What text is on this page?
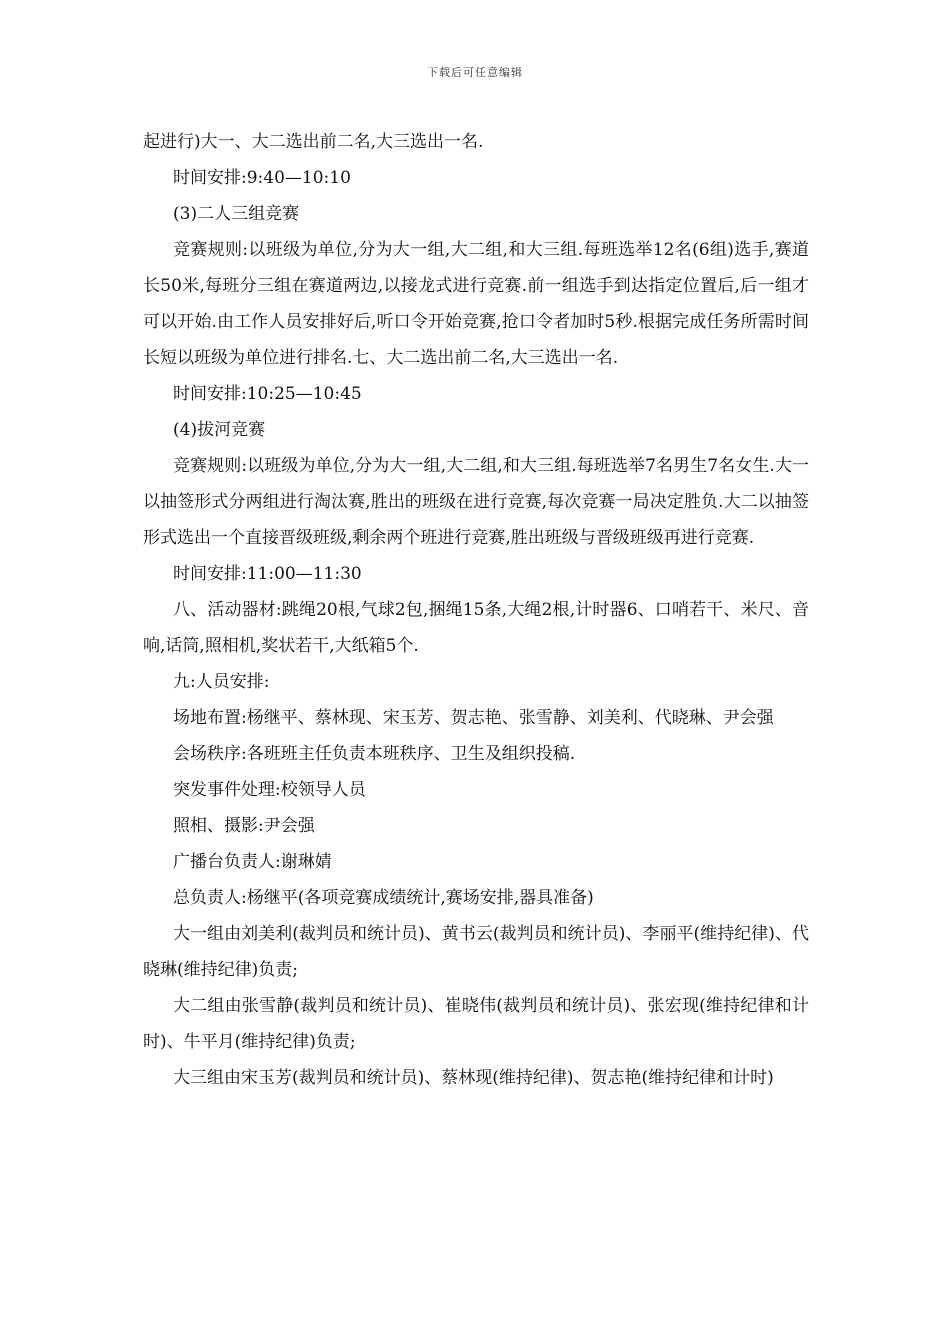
下载后可任意编辑

起进行)大一、大二选出前二名,大三选出一名.

时间安排:9:40—10:10

(3)二人三组竞赛

竞赛规则:以班级为单位,分为大一组,大二组,和大三组.每班选举12名(6组)选手,赛道长50米,每班分三组在赛道两边,以接龙式进行竞赛.前一组选手到达指定位置后,后一组才可以开始.由工作人员安排好后,听口令开始竞赛,抢口令者加时5秒.根据完成任务所需时间长短以班级为单位进行排名.七、大二选出前二名,大三选出一名.

时间安排:10:25—10:45

(4)拔河竞赛

竞赛规则:以班级为单位,分为大一组,大二组,和大三组.每班选举7名男生7名女生.大一以抽签形式分两组进行淘汰赛,胜出的班级在进行竞赛,每次竞赛一局决定胜负.大二以抽签形式选出一个直接晋级班级,剩余两个班进行竞赛,胜出班级与晋级班级再进行竞赛.

时间安排:11:00—11:30

八、活动器材:跳绳20根,气球2包,捆绳15条,大绳2根,计时器6、口哨若干、米尺、音响,话筒,照相机,奖状若干,大纸箱5个.

九:人员安排:

场地布置:杨继平、蔡林现、宋玉芳、贺志艳、张雪静、刘美利、代晓琳、尹会强

会场秩序:各班班主任负责本班秩序、卫生及组织投稿.

突发事件处理:校领导人员

照相、摄影:尹会强

广播台负责人:谢琳婧

总负责人:杨继平(各项竞赛成绩统计,赛场安排,器具准备)

大一组由刘美利(裁判员和统计员)、黄书云(裁判员和统计员)、李丽平(维持纪律)、代晓琳(维持纪律)负责;

大二组由张雪静(裁判员和统计员)、崔晓伟(裁判员和统计员)、张宏现(维持纪律和计时)、牛平月(维持纪律)负责;

大三组由宋玉芳(裁判员和统计员)、蔡林现(维持纪律)、贺志艳(维持纪律和计时)
